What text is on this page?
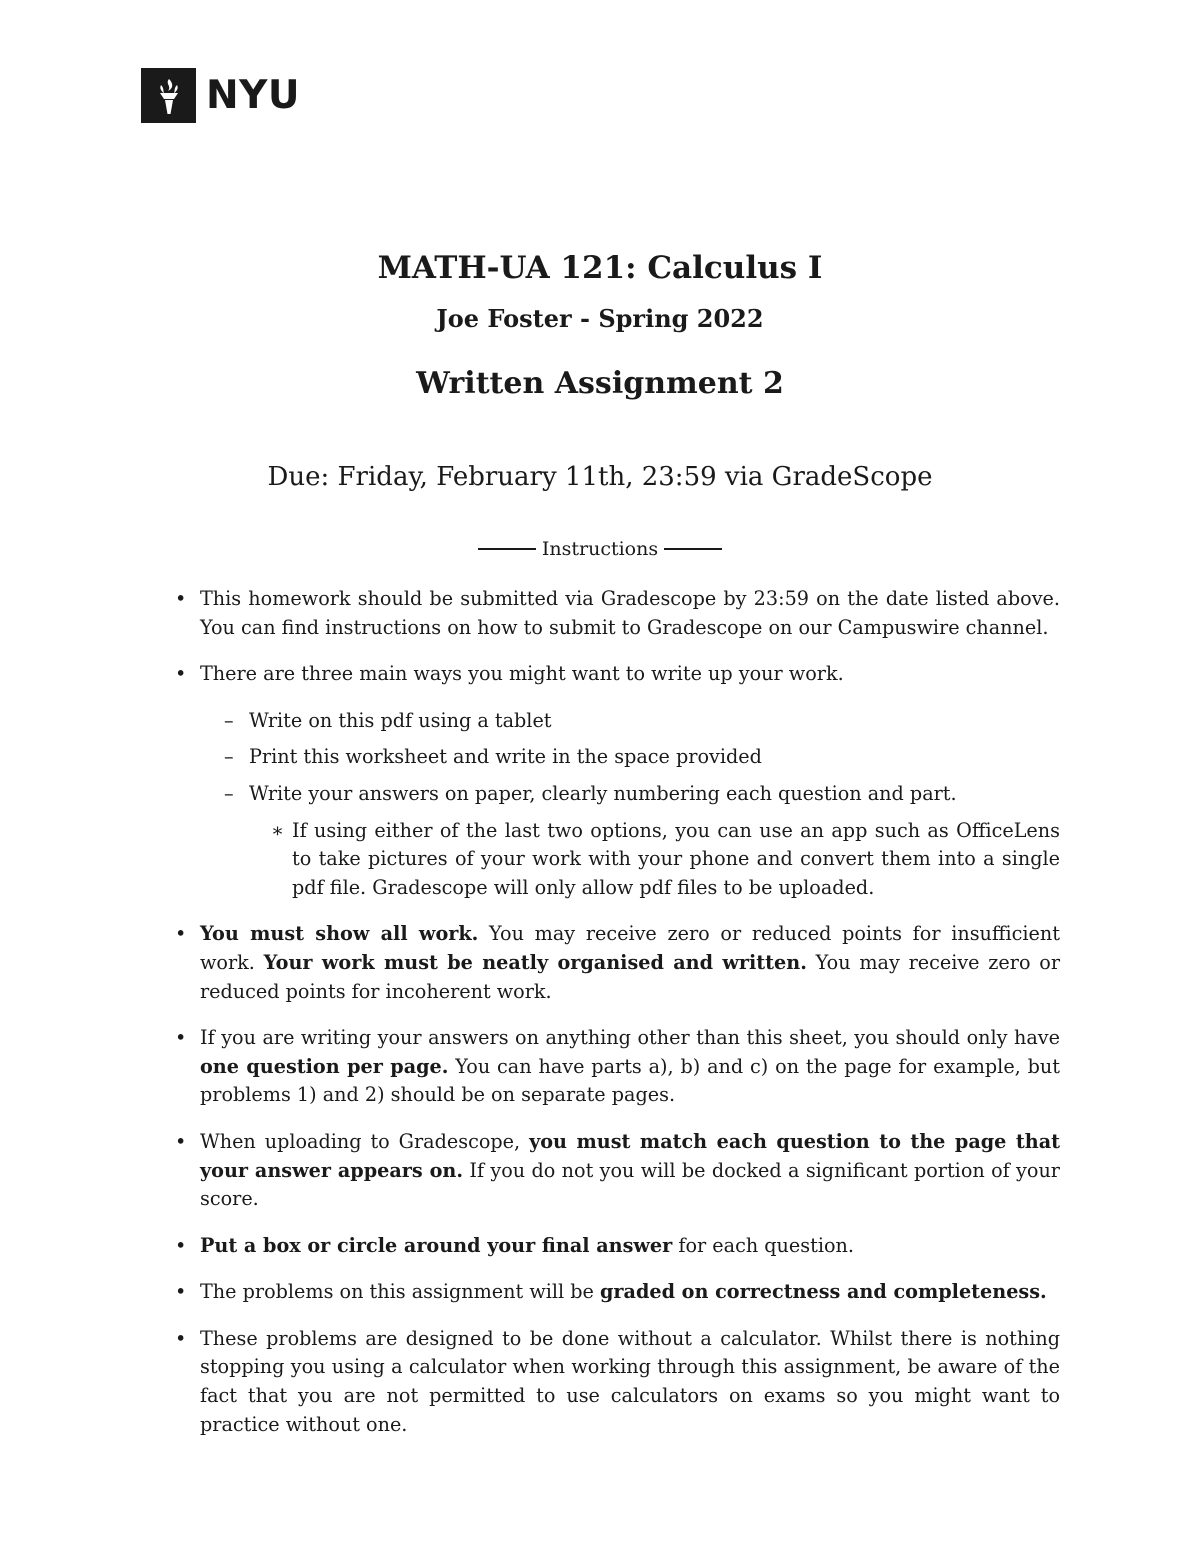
NYU
MATH-UA 121: Calculus I
Joe Foster - Spring 2022
Written Assignment 2
Due: Friday, February 11th, 23:59 via GradeScope
Instructions
• This homework should be submitted via Gradescope by 23:59 on the date listed above. You can find instructions on how to submit to Gradescope on our Campuswire channel.
• There are three main ways you might want to write up your work.
– Write on this pdf using a tablet
– Print this worksheet and write in the space provided
– Write your answers on paper, clearly numbering each question and part.
∗ If using either of the last two options, you can use an app such as OfficeLens to take pictures of your work with your phone and convert them into a single pdf file. Gradescope will only allow pdf files to be uploaded.
• You must show all work. You may receive zero or reduced points for insufficient work. Your work must be neatly organised and written. You may receive zero or reduced points for incoherent work.
• If you are writing your answers on anything other than this sheet, you should only have one question per page. You can have parts a), b) and c) on the page for example, but problems 1) and 2) should be on separate pages.
• When uploading to Gradescope, you must match each question to the page that your answer appears on. If you do not you will be docked a significant portion of your score.
• Put a box or circle around your final answer for each question.
• The problems on this assignment will be graded on correctness and completeness.
• These problems are designed to be done without a calculator. Whilst there is nothing stopping you using a calculator when working through this assignment, be aware of the fact that you are not permitted to use calculators on exams so you might want to practice without one.
